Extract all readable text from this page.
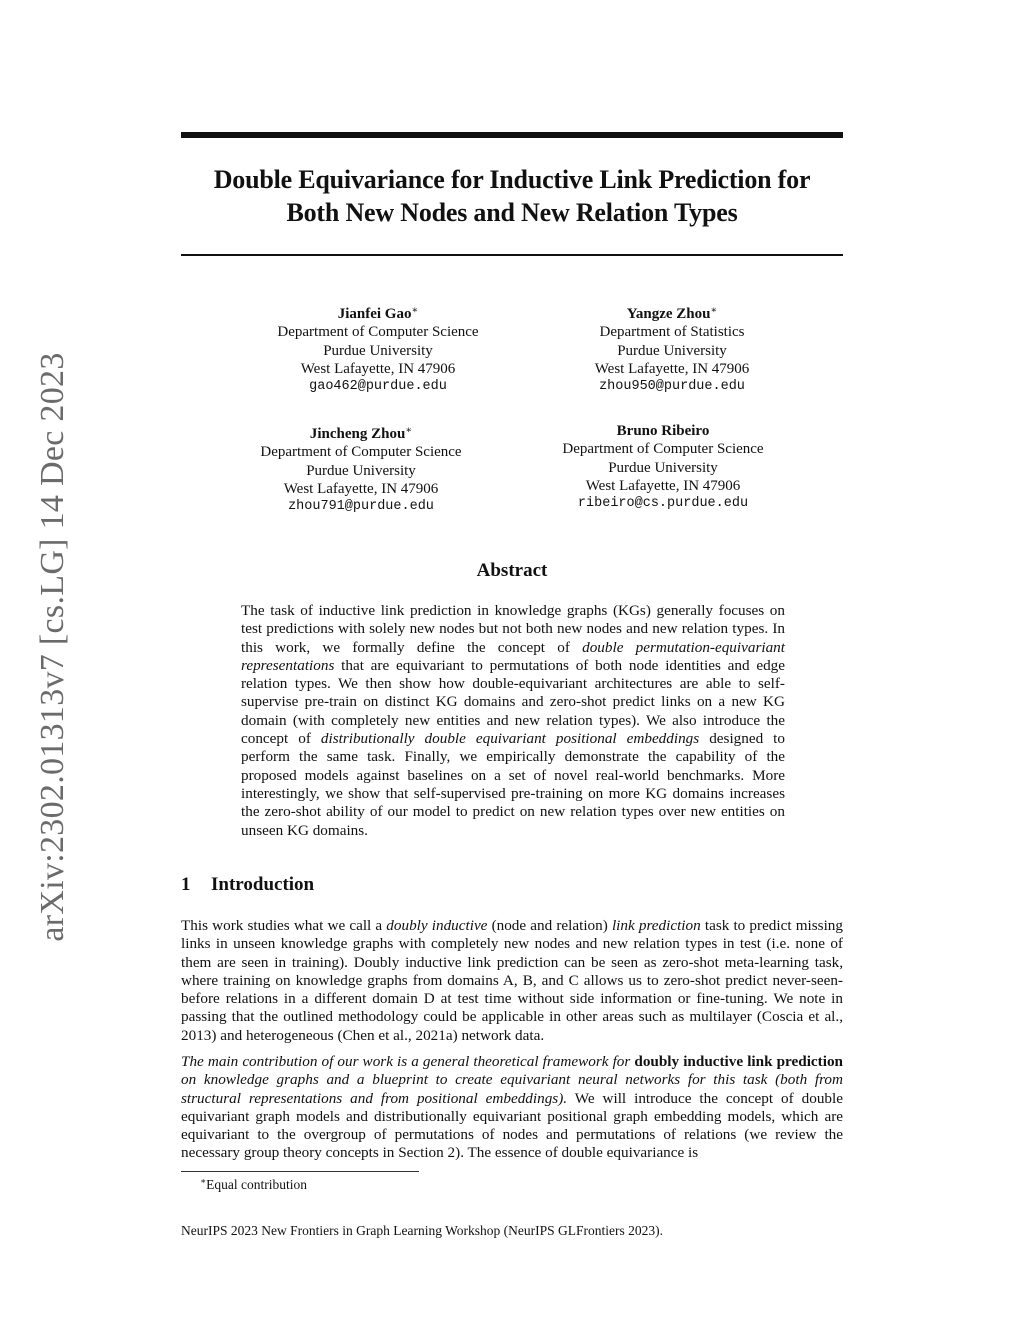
arXiv:2302.01313v7 [cs.LG] 14 Dec 2023
Double Equivariance for Inductive Link Prediction for
Both New Nodes and New Relation Types
Jianfei Gao∗
Department of Computer Science
Purdue University
West Lafayette, IN 47906
gao462@purdue.edu
Yangze Zhou∗
Department of Statistics
Purdue University
West Lafayette, IN 47906
zhou950@purdue.edu
Jincheng Zhou∗
Department of Computer Science
Purdue University
West Lafayette, IN 47906
zhou791@purdue.edu
Bruno Ribeiro
Department of Computer Science
Purdue University
West Lafayette, IN 47906
ribeiro@cs.purdue.edu
Abstract
The task of inductive link prediction in knowledge graphs (KGs) generally focuses on test predictions with solely new nodes but not both new nodes and new relation types. In this work, we formally define the concept of double permutation-equivariant representations that are equivariant to permutations of both node identities and edge relation types. We then show how double-equivariant architectures are able to self-supervise pre-train on distinct KG domains and zero-shot predict links on a new KG domain (with completely new entities and new relation types). We also introduce the concept of distributionally double equivariant positional embeddings designed to perform the same task. Finally, we empirically demonstrate the capability of the proposed models against baselines on a set of novel real-world benchmarks. More interestingly, we show that self-supervised pre-training on more KG domains increases the zero-shot ability of our model to predict on new relation types over new entities on unseen KG domains.
1 Introduction
This work studies what we call a doubly inductive (node and relation) link prediction task to predict missing links in unseen knowledge graphs with completely new nodes and new relation types in test (i.e. none of them are seen in training). Doubly inductive link prediction can be seen as zero-shot meta-learning task, where training on knowledge graphs from domains A, B, and C allows us to zero-shot predict never-seen-before relations in a different domain D at test time without side information or fine-tuning. We note in passing that the outlined methodology could be applicable in other areas such as multilayer (Coscia et al., 2013) and heterogeneous (Chen et al., 2021a) network data.
The main contribution of our work is a general theoretical framework for doubly inductive link prediction on knowledge graphs and a blueprint to create equivariant neural networks for this task (both from structural representations and from positional embeddings). We will introduce the concept of double equivariant graph models and distributionally equivariant positional graph embedding models, which are equivariant to the overgroup of permutations of nodes and permutations of relations (we review the necessary group theory concepts in Section 2). The essence of double equivariance is
∗Equal contribution
NeurIPS 2023 New Frontiers in Graph Learning Workshop (NeurIPS GLFrontiers 2023).
